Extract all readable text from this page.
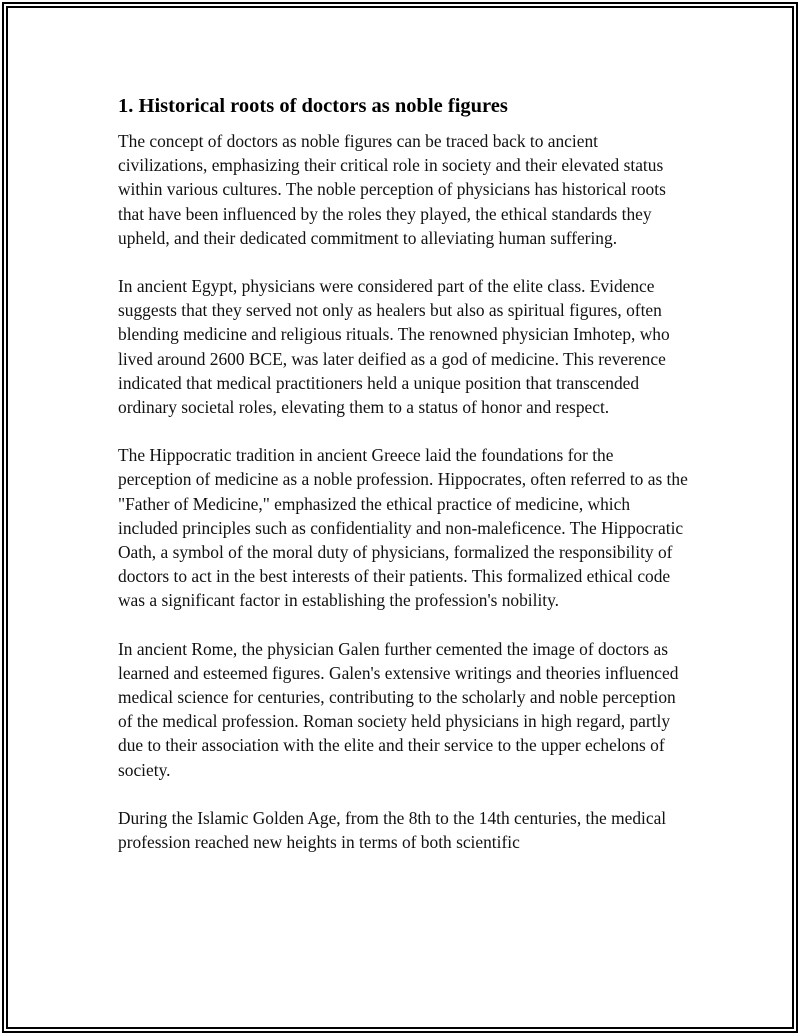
1. Historical roots of doctors as noble figures

The concept of doctors as noble figures can be traced back to ancient civilizations, emphasizing their critical role in society and their elevated status within various cultures. The noble perception of physicians has historical roots that have been influenced by the roles they played, the ethical standards they upheld, and their dedicated commitment to alleviating human suffering.

In ancient Egypt, physicians were considered part of the elite class. Evidence suggests that they served not only as healers but also as spiritual figures, often blending medicine and religious rituals. The renowned physician Imhotep, who lived around 2600 BCE, was later deified as a god of medicine. This reverence indicated that medical practitioners held a unique position that transcended ordinary societal roles, elevating them to a status of honor and respect.

The Hippocratic tradition in ancient Greece laid the foundations for the perception of medicine as a noble profession. Hippocrates, often referred to as the "Father of Medicine," emphasized the ethical practice of medicine, which included principles such as confidentiality and non-maleficence. The Hippocratic Oath, a symbol of the moral duty of physicians, formalized the responsibility of doctors to act in the best interests of their patients. This formalized ethical code was a significant factor in establishing the profession's nobility.

In ancient Rome, the physician Galen further cemented the image of doctors as learned and esteemed figures. Galen's extensive writings and theories influenced medical science for centuries, contributing to the scholarly and noble perception of the medical profession. Roman society held physicians in high regard, partly due to their association with the elite and their service to the upper echelons of society.

During the Islamic Golden Age, from the 8th to the 14th centuries, the medical profession reached new heights in terms of both scientific
